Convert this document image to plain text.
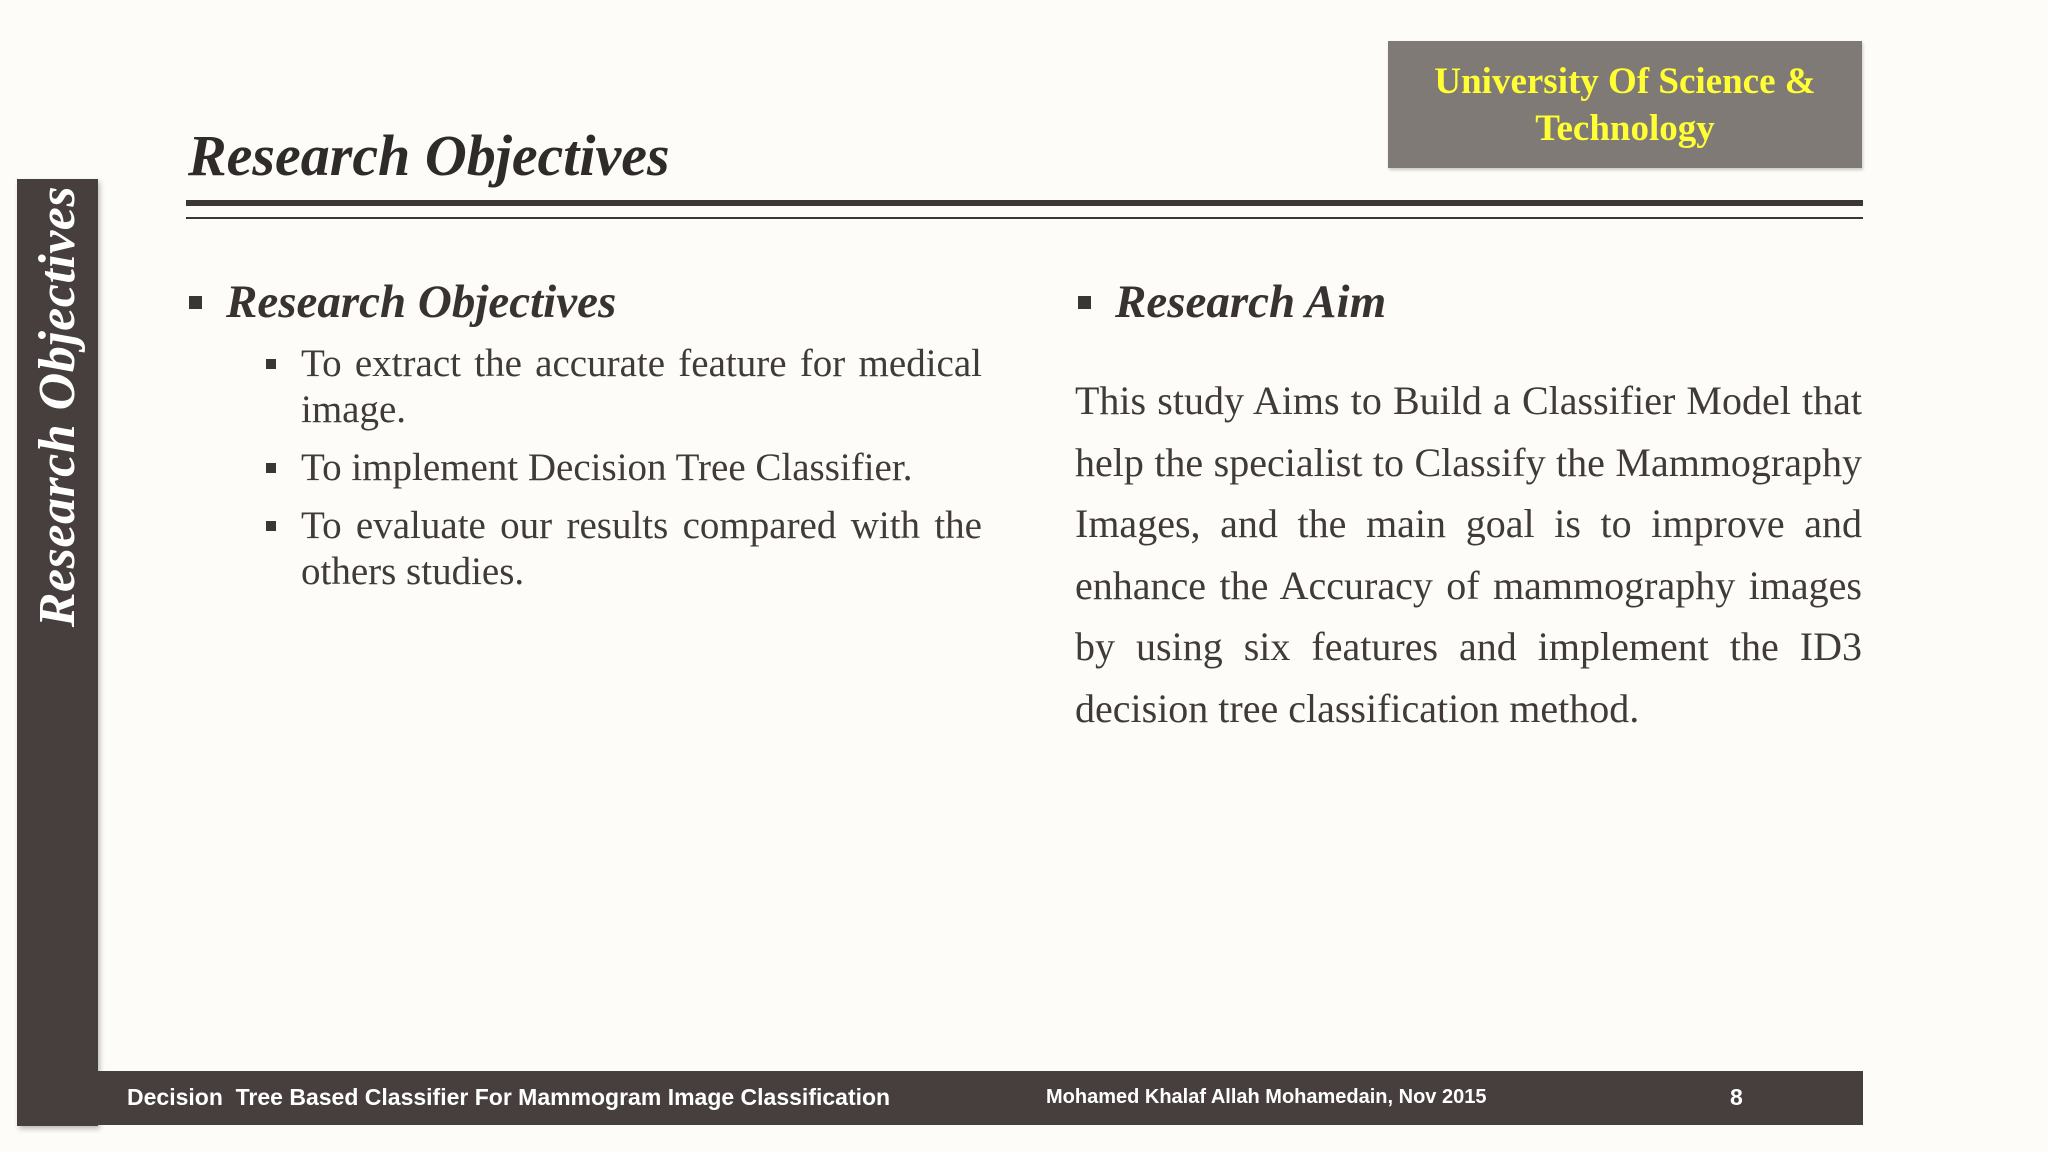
Research Objectives
University Of Science & Technology
Research Objectives
Research Objectives
To extract the accurate feature for medical image.
To implement Decision Tree Classifier.
To evaluate our results compared with the others studies.
Research Aim

This study Aims to Build a Classifier Model that help the specialist to Classify the Mammography Images, and the main goal is to improve and enhance the Accuracy of mammography images by using six features and implement the ID3 decision tree classification method.

Decision  Tree Based Classifier For Mammogram Image Classification	Mohamed Khalaf Allah Mohamedain, Nov 2015	8
